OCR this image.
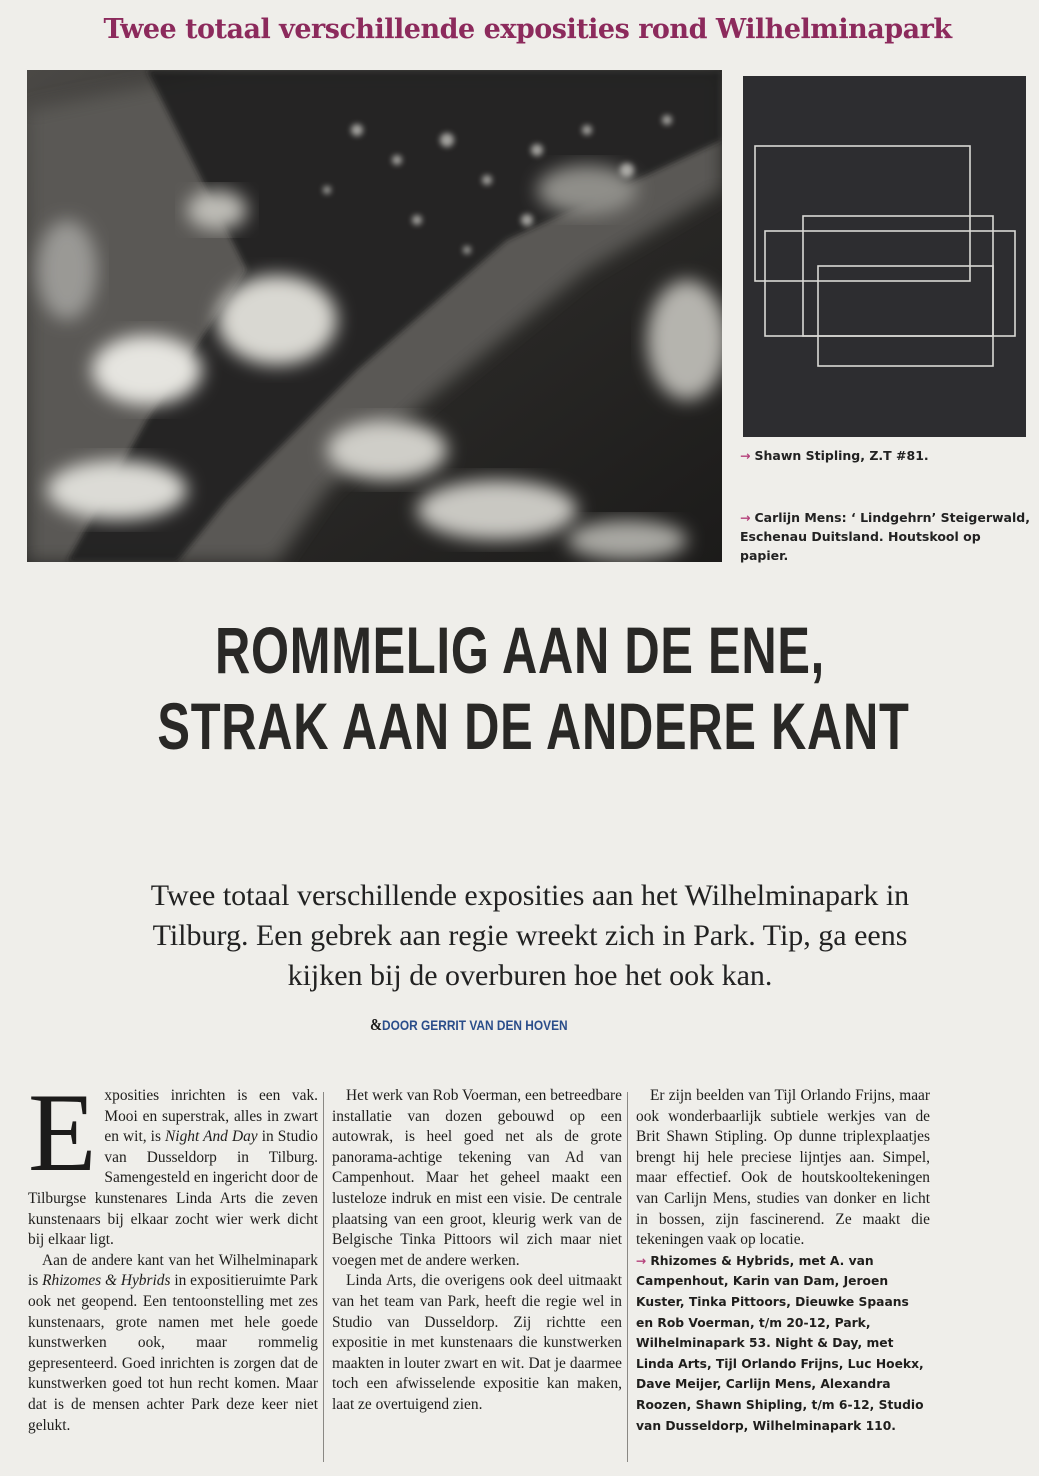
Twee totaal verschillende exposities rond Wilhelminapark
→ Shawn Stipling, Z.T #81.
→ Carlijn Mens: ‘ Lindgehrn’ Steigerwald,
Eschenau Duitsland. Houtskool op papier.
ROMMELIG AAN DE ENE,
STRAK AAN DE ANDERE KANT
Twee totaal verschillende exposities aan het Wilhelminapark in
Tilburg. Een gebrek aan regie wreekt zich in Park. Tip, ga eens
kijken bij de overburen hoe het ook kan.
&DOOR GERRIT VAN DEN HOVEN

Exposities inrichten is een vak. Mooi en superstrak, alles in zwart en wit, is Night And Day in Studio van Dusseldorp in Tilburg. Samengesteld en ingericht door de Tilburgse kunstenares Linda Arts die zeven kunstenaars bij elkaar zocht wier werk dicht bij elkaar ligt.

Aan de andere kant van het Wilhelminapark is Rhizomes & Hybrids in expositieruimte Park ook net geopend. Een tentoonstelling met zes kunstenaars, grote namen met hele goede kunstwerken ook, maar rommelig gepresenteerd. Goed inrichten is zorgen dat de kunstwerken goed tot hun recht komen. Maar dat is de mensen achter Park deze keer niet gelukt.

Het werk van Rob Voerman, een betreedbare installatie van dozen gebouwd op een autowrak, is heel goed net als de grote panorama-achtige tekening van Ad van Campenhout. Maar het geheel maakt een lusteloze indruk en mist een visie. De centrale plaatsing van een groot, kleurig werk van de Belgische Tinka Pittoors wil zich maar niet voegen met de andere werken.

Linda Arts, die overigens ook deel uitmaakt van het team van Park, heeft die regie wel in Studio van Dusseldorp. Zij richtte een expositie in met kunstenaars die kunstwerken maakten in louter zwart en wit. Dat je daarmee toch een afwisselende expositie kan maken, laat ze overtuigend zien.

Er zijn beelden van Tijl Orlando Frijns, maar ook wonderbaarlijk subtiele werkjes van de Brit Shawn Stipling. Op dunne triplexplaatjes brengt hij hele preciese lijntjes aan. Simpel, maar effectief. Ook de houtskooltekeningen van Carlijn Mens, studies van donker en licht in bossen, zijn fascinerend. Ze maakt die tekeningen vaak op locatie.

→ Rhizomes & Hybrids, met A. van Campenhout, Karin van Dam, Jeroen Kuster, Tinka Pittoors, Dieuwke Spaans en Rob Voerman, t/m 20-12, Park, Wilhelminapark 53. Night & Day, met Linda Arts, Tijl Orlando Frijns, Luc Hoekx, Dave Meijer, Carlijn Mens, Alexandra Roozen, Shawn Shipling, t/m 6-12, Studio van Dusseldorp, Wilhelminapark 110.
